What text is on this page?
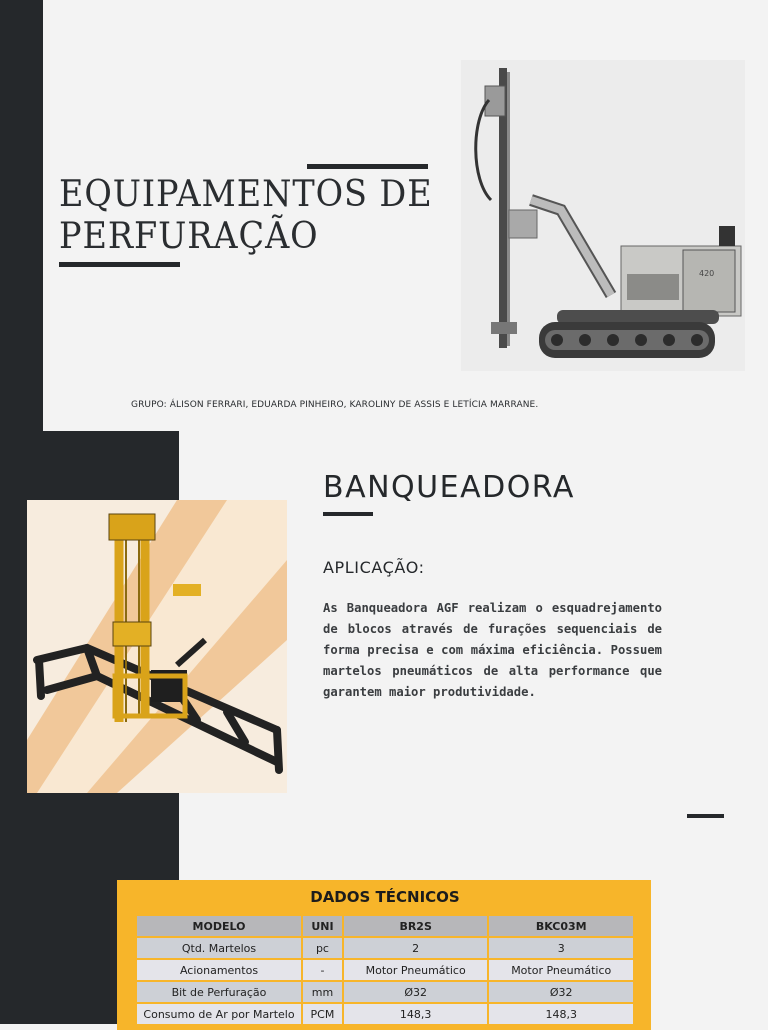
EQUIPAMENTOS DE
PERFURAÇÃO
420

GRUPO: ÁLISON FERRARI, EDUARDA PINHEIRO, KAROLINY DE ASSIS E LETÍCIA MARRANE.

BANQUEADORA
APLICAÇÃO:

As Banqueadora AGF realizam o esquadrejamento de blocos através de furações sequenciais de forma precisa e com máxima eficiência. Possuem martelos pneumáticos de alta performance que garantem maior produtividade.

DADOS TÉCNICOS
MODELO	UNI	BR2S	BKC03M
Qtd. Martelos	pc	2	3
Acionamentos	-	Motor Pneumático	Motor Pneumático
Bit de Perfuração	mm	Ø32	Ø32
Consumo de Ar por Martelo	PCM	148,3	148,3
